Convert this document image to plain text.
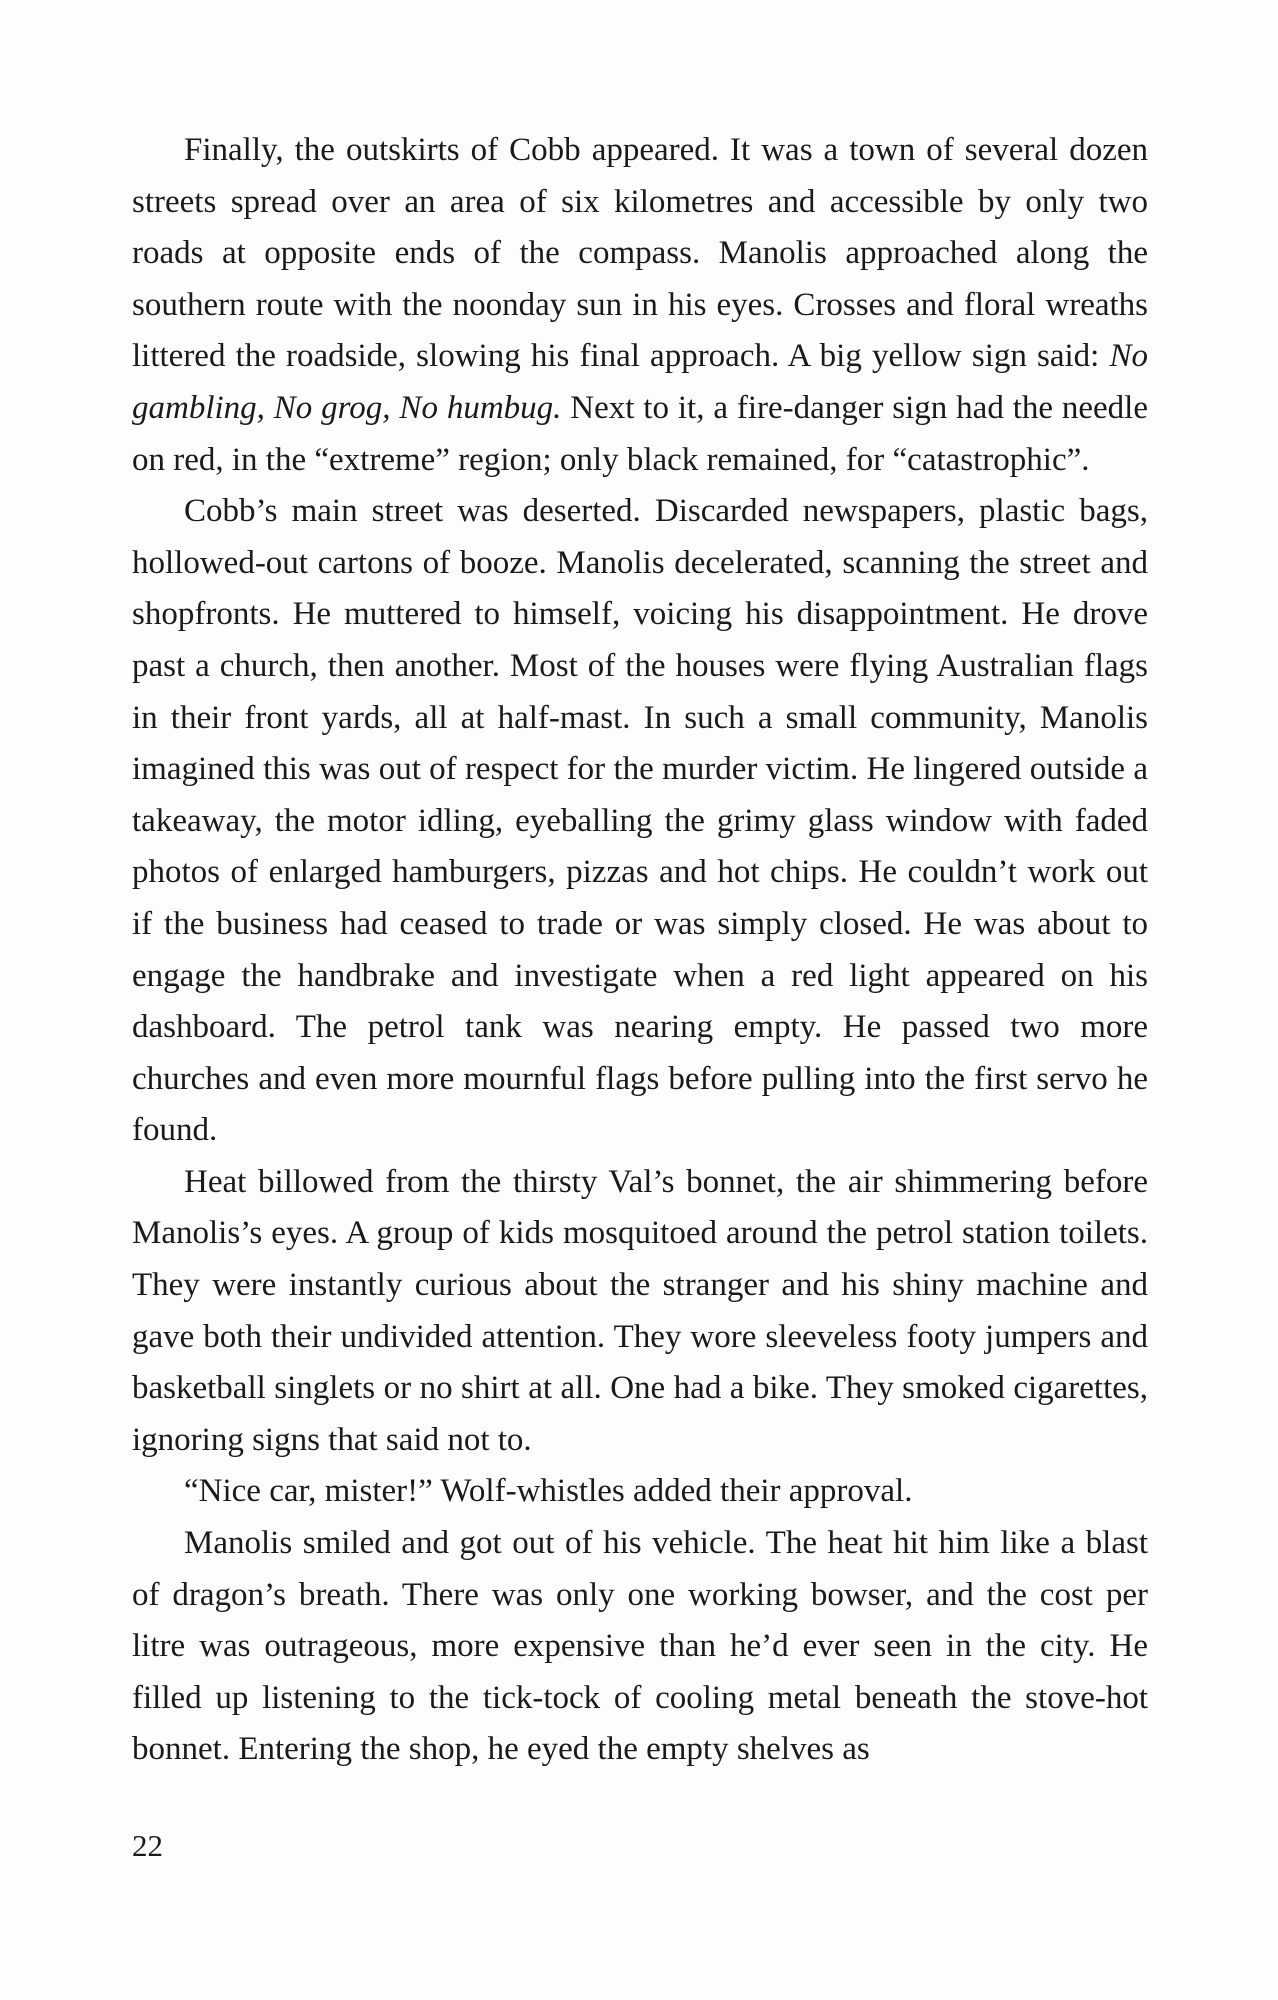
Finally, the outskirts of Cobb appeared. It was a town of several dozen streets spread over an area of six kilometres and accessible by only two roads at opposite ends of the compass. Manolis approached along the southern route with the noonday sun in his eyes. Crosses and floral wreaths littered the roadside, slowing his final approach. A big yellow sign said: No gambling, No grog, No humbug. Next to it, a fire-danger sign had the needle on red, in the “extreme” region; only black remained, for “catastrophic”.

Cobb’s main street was deserted. Discarded newspapers, plastic bags, hollowed-out cartons of booze. Manolis decelerated, scanning the street and shopfronts. He muttered to himself, voicing his disappointment. He drove past a church, then another. Most of the houses were flying Australian flags in their front yards, all at half-mast. In such a small community, Manolis imagined this was out of respect for the murder victim. He lingered outside a takeaway, the motor idling, eyeballing the grimy glass window with faded photos of enlarged hamburgers, pizzas and hot chips. He couldn’t work out if the business had ceased to trade or was simply closed. He was about to engage the handbrake and investigate when a red light appeared on his dashboard. The petrol tank was nearing empty. He passed two more churches and even more mournful flags before pulling into the first servo he found.

Heat billowed from the thirsty Val’s bonnet, the air shimmering before Manolis’s eyes. A group of kids mosquitoed around the petrol station toilets. They were instantly curious about the stranger and his shiny machine and gave both their undivided attention. They wore sleeveless footy jumpers and basketball singlets or no shirt at all. One had a bike. They smoked cigarettes, ignoring signs that said not to.

“Nice car, mister!” Wolf-whistles added their approval.

Manolis smiled and got out of his vehicle. The heat hit him like a blast of dragon’s breath. There was only one working bowser, and the cost per litre was outrageous, more expensive than he’d ever seen in the city. He filled up listening to the tick-tock of cooling metal beneath the stove-hot bonnet. Entering the shop, he eyed the empty shelves as

22
